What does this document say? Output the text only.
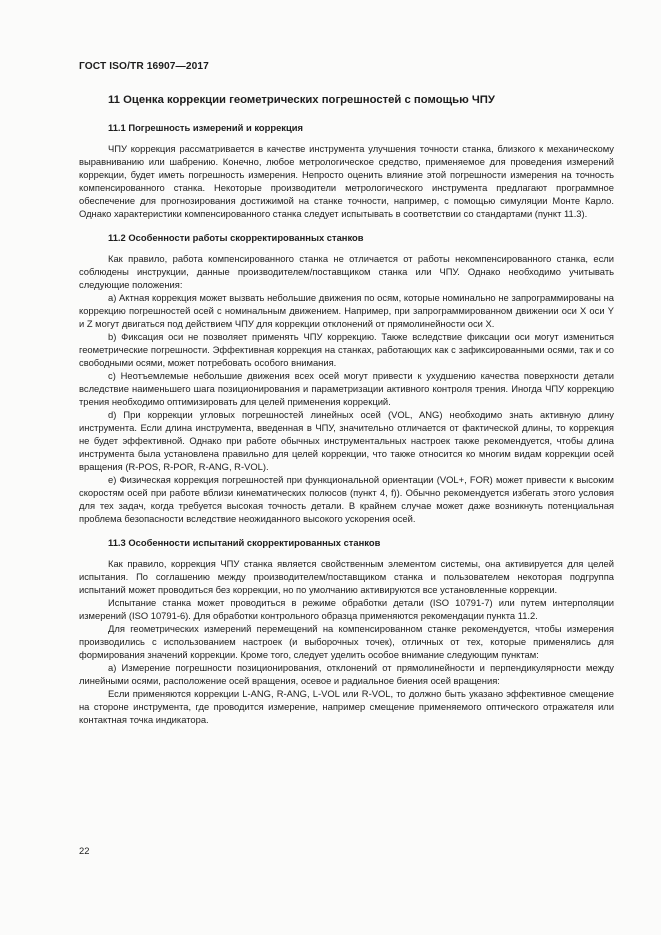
ГОСТ ISO/TR 16907—2017
11 Оценка коррекции геометрических погрешностей с помощью ЧПУ
11.1 Погрешность измерений и коррекция

ЧПУ коррекция рассматривается в качестве инструмента улучшения точности станка, близкого к механическому выравниванию или шабрению. Конечно, любое метрологическое средство, применяемое для проведения измерений коррекции, будет иметь погрешность измерения. Непросто оценить влияние этой погрешности измерения на точность компенсированного станка. Некоторые производители метрологического инструмента предлагают программное обеспечение для прогнозирования достижимой на станке точности, например, с помощью симуляции Монте Карло. Однако характеристики компенсированного станка следует испытывать в соответствии со стандартами (пункт 11.3).

11.2 Особенности работы скорректированных станков

Как правило, работа компенсированного станка не отличается от работы некомпенсированного станка, если соблюдены инструкции, данные производителем/поставщиком станка или ЧПУ. Однако необходимо учитывать следующие положения:

а) Актная коррекция может вызвать небольшие движения по осям, которые номинально не запрограммированы на коррекцию погрешностей осей с номинальным движением. Например, при запрограммированном движении оси X оси Y и Z могут двигаться под действием ЧПУ для коррекции отклонений от прямолинейности оси X.

b) Фиксация оси не позволяет применять ЧПУ коррекцию. Также вследствие фиксации оси могут измениться геометрические погрешности. Эффективная коррекция на станках, работающих как с зафиксированными осями, так и со свободными осями, может потребовать особого внимания.

c) Неотъемлемые небольшие движения всех осей могут привести к ухудшению качества поверхности детали вследствие наименьшего шага позиционирования и параметризации активного контроля трения. Иногда ЧПУ коррекцию трения необходимо оптимизировать для целей применения коррекций.

d) При коррекции угловых погрешностей линейных осей (VOL, ANG) необходимо знать активную длину инструмента. Если длина инструмента, введенная в ЧПУ, значительно отличается от фактической длины, то коррекция не будет эффективной. Однако при работе обычных инструментальных настроек также рекомендуется, чтобы длина инструмента была установлена правильно для целей коррекции, что также относится ко многим видам коррекции осей вращения (R-POS, R-POR, R-ANG, R-VOL).

e) Физическая коррекция погрешностей при функциональной ориентации (VOL+, FOR) может привести к высоким скоростям осей при работе вблизи кинематических полюсов (пункт 4, f)). Обычно рекомендуется избегать этого условия для тех задач, когда требуется высокая точность детали. В крайнем случае может даже возникнуть потенциальная проблема безопасности вследствие неожиданного высокого ускорения осей.

11.3 Особенности испытаний скорректированных станков

Как правило, коррекция ЧПУ станка является свойственным элементом системы, она активируется для целей испытания. По соглашению между производителем/поставщиком станка и пользователем некоторая подгруппа испытаний может проводиться без коррекции, но по умолчанию активируются все установленные коррекции.

Испытание станка может проводиться в режиме обработки детали (ISO 10791-7) или путем интерполяции измерений (ISO 10791-6). Для обработки контрольного образца применяются рекомендации пункта 11.2.

Для геометрических измерений перемещений на компенсированном станке рекомендуется, чтобы измерения производились с использованием настроек (и выборочных точек), отличных от тех, которые применялись для формирования значений коррекции. Кроме того, следует уделить особое внимание следующим пунктам:

а) Измерение погрешности позиционирования, отклонений от прямолинейности и перпендикулярности между линейными осями, расположение осей вращения, осевое и радиальное биения осей вращения:

Если применяются коррекции L-ANG, R-ANG, L-VOL или R-VOL, то должно быть указано эффективное смещение на стороне инструмента, где проводится измерение, например смещение применяемого оптического отражателя или контактная точка индикатора.

22
